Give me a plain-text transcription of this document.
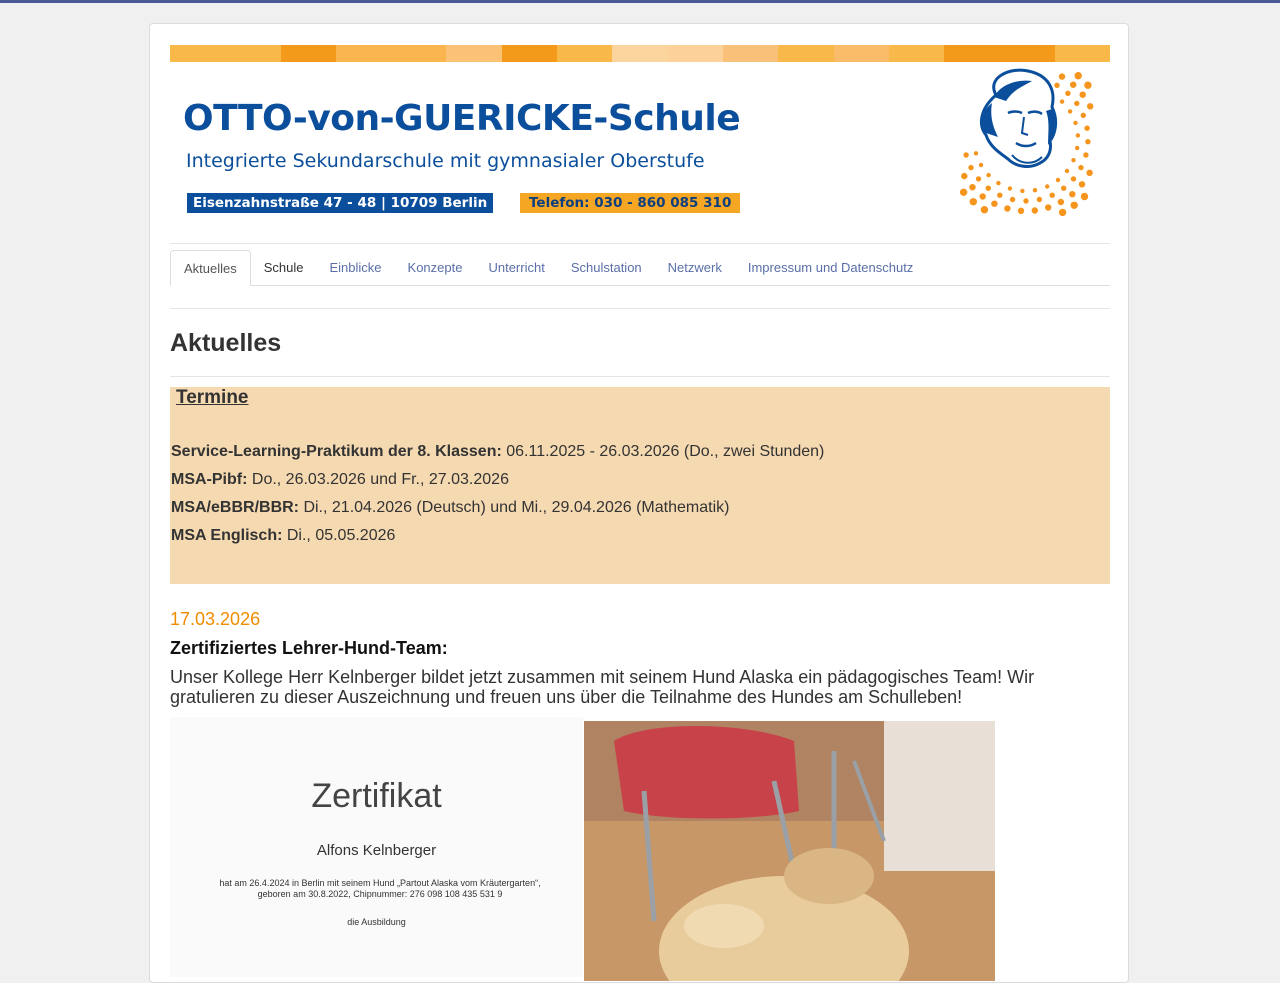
OTTO-von-GUERICKE-Schule
Integrierte Sekundarschule mit gymnasialer Oberstufe
Eisenzahnstraße 47 - 48 | 10709 Berlin	Telefon: 030 - 860 085 310
Aktuelles	Schule	Einblicke	Konzepte	Unterricht	Schulstation	Netzwerk	Impressum und Datenschutz
Aktuelles
Termine
Service-Learning-Praktikum der 8. Klassen: 06.11.2025 - 26.03.2026 (Do., zwei Stunden)
MSA-Pibf: Do., 26.03.2026 und Fr., 27.03.2026
MSA/eBBR/BBR: Di., 21.04.2026 (Deutsch) und Mi., 29.04.2026 (Mathematik)
MSA Englisch: Di., 05.05.2026
17.03.2026
Zertifiziertes Lehrer-Hund-Team:
Unser Kollege Herr Kelnberger bildet jetzt zusammen mit seinem Hund Alaska ein pädagogisches Team! Wir gratulieren zu dieser Auszeichnung und freuen uns über die Teilnahme des Hundes am Schulleben!
Zertifikat
Alfons Kelnberger
hat am 26.4.2024 in Berlin mit seinem Hund „Partout Alaska vom Kräutergarten“, geboren am 30.8.2022, Chipnummer: 276 098 108 435 531 9
die Ausbildung
